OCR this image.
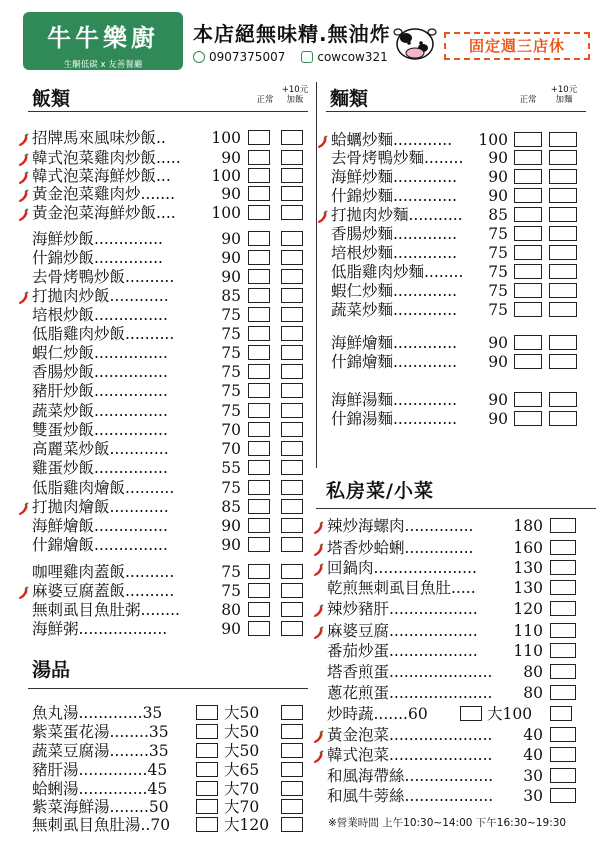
牛牛樂廚
生酮低碳 x 友善餐廳
本店絕無味精.無油炸
0907375007	cowcow321
固定週三店休
飯類	正常
+10元
加飯	麵類	正常
+10元
加麵
湯品
私房菜/小菜
招牌馬來風味炒飯..	100
韓式泡菜雞肉炒飯.....	90
韓式泡菜海鮮炒飯...	100
黃金泡菜雞肉炒.......	90
黃金泡菜海鮮炒飯....	100
海鮮炒飯..............	90
什錦炒飯..............	90
去骨烤鴨炒飯..........	90
打拋肉炒飯............	85
培根炒飯...............	75
低脂雞肉炒飯..........	75
蝦仁炒飯...............	75
香腸炒飯...............	75
豬肝炒飯...............	75
蔬菜炒飯...............	75
雙蛋炒飯...............	70
高麗菜炒飯............	70
雞蛋炒飯...............	55
低脂雞肉燴飯..........	75
打拋肉燴飯............	85
海鮮燴飯...............	90
什錦燴飯...............	90
咖哩雞肉蓋飯..........	75
麻婆豆腐蓋飯..........	75
無刺虱目魚肚粥........	80
海鮮粥..................	90
蛤蠣炒麵............	100
去骨烤鴨炒麵........	90
海鮮炒麵.............	90
什錦炒麵.............	90
打拋肉炒麵...........	85
香腸炒麵.............	75
培根炒麵.............	75
低脂雞肉炒麵........	75
蝦仁炒麵.............	75
蔬菜炒麵.............	75
海鮮燴麵.............	90
什錦燴麵.............	90
海鮮湯麵.............	90
什錦湯麵.............	90
辣炒海螺肉..............	180
塔香炒蛤蜊..............	160
回鍋肉.....................	130
乾煎無刺虱目魚肚.....	130
辣炒豬肝..................	120
麻婆豆腐..................	110
番茄炒蛋..................	110
塔香煎蛋.....................	80
蔥花煎蛋.....................	80
黃金泡菜.....................	40
韓式泡菜.....................	40
和風海帶絲..................	30
和風牛蒡絲..................	30
炒時蔬.......60	大100
魚丸湯.............35	大50
紫菜蛋花湯........35	大50
蔬菜豆腐湯........35	大50
豬肝湯..............45	大65
蛤蜊湯..............45	大70
紫菜海鮮湯........50	大70
無刺虱目魚肚湯..70	大120	※營業時間 上午10:30~14:00 下午16:30~19:30
